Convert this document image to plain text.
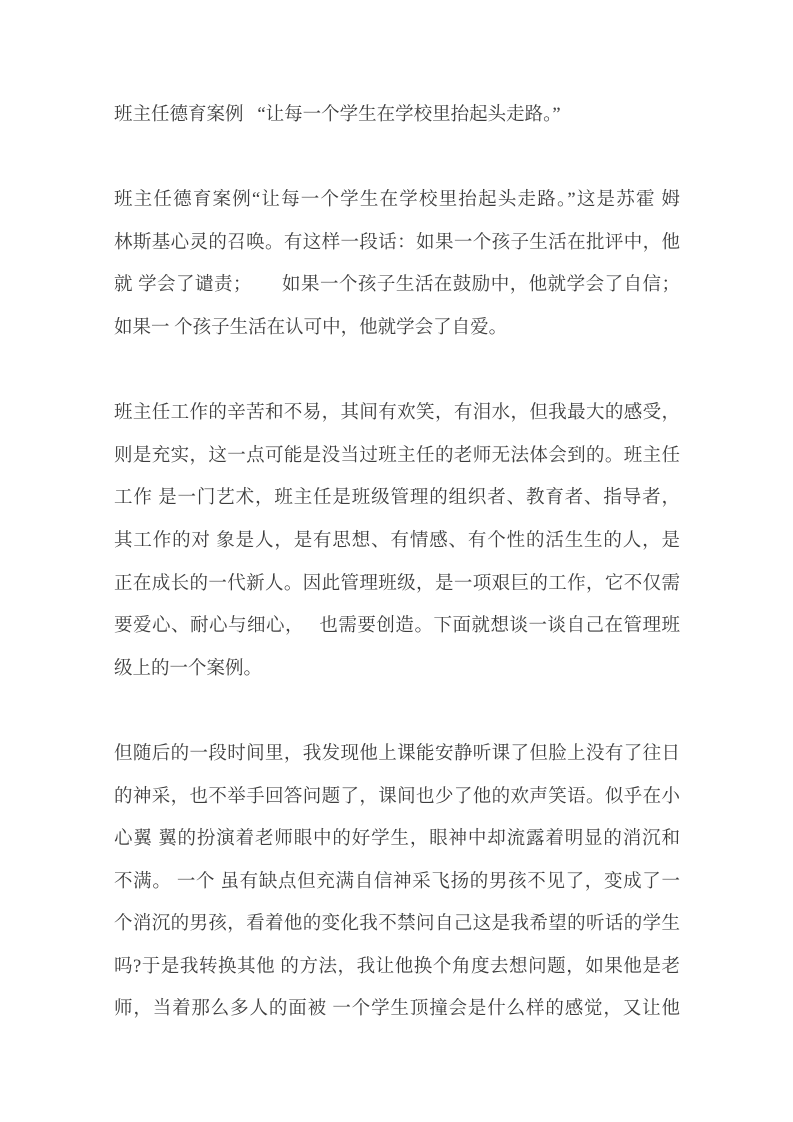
班主任德育案例   “让每一个学生在学校里抬起头走路。”
班主任德育案例“让每一个学生在学校里抬起头走路。”这是苏霍 姆
林斯基心灵的召唤。有这样一段话：如果一个孩子生活在批评中，他
就 学会了谴责；      如果一个孩子生活在鼓励中，他就学会了自信；
如果一 个孩子生活在认可中，他就学会了自爱。
班主任工作的辛苦和不易，其间有欢笑，有泪水，但我最大的感受，
则是充实，这一点可能是没当过班主任的老师无法体会到的。班主任
工作 是一门艺术，班主任是班级管理的组织者、教育者、指导者，
其工作的对 象是人，是有思想、有情感、有个性的活生生的人，是
正在成长的一代新人。因此管理班级，是一项艰巨的工作，它不仅需
要爱心、耐心与细心，   也需要创造。下面就想谈一谈自己在管理班
级上的一个案例。
但随后的一段时间里，我发现他上课能安静听课了但脸上没有了往日
的神采，也不举手回答问题了，课间也少了他的欢声笑语。似乎在小
心翼 翼的扮演着老师眼中的好学生，眼神中却流露着明显的消沉和
不满。 一个 虽有缺点但充满自信神采飞扬的男孩不见了，变成了一
个消沉的男孩，看着他的变化我不禁问自己这是我希望的听话的学生
吗?于是我转换其他 的方法，我让他换个角度去想问题，如果他是老
师，当着那么多人的面被 一个学生顶撞会是什么样的感觉，又让他
